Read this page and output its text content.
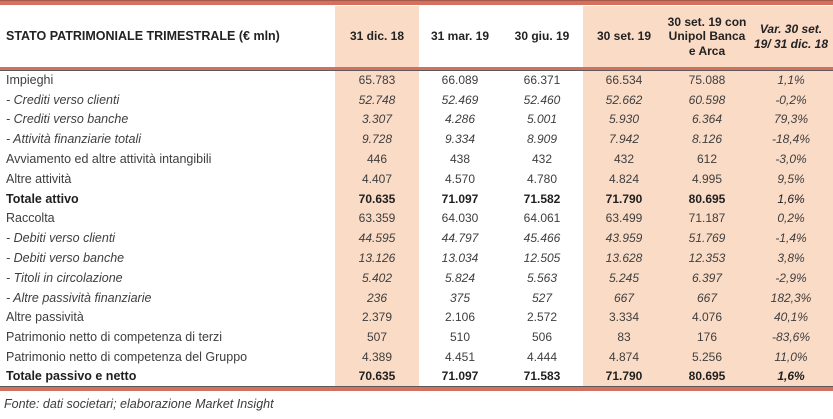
STATO PATRIMONIALE TRIMESTRALE (€ mln)	31 dic. 18	31 mar. 19	30 giu. 19	30 set. 19	30 set. 19 con Unipol Banca e Arca	Var. 30 set. 19/ 31 dic. 18
Impieghi	65.783	66.089	66.371	66.534	75.088	1,1%
- Crediti verso clienti	52.748	52.469	52.460	52.662	60.598	-0,2%
- Crediti verso banche	3.307	4.286	5.001	5.930	6.364	79,3%
- Attività finanziarie totali	9.728	9.334	8.909	7.942	8.126	-18,4%
Avviamento ed altre attività intangibili	446	438	432	432	612	-3,0%
Altre attività	4.407	4.570	4.780	4.824	4.995	9,5%
Totale attivo	70.635	71.097	71.582	71.790	80.695	1,6%
Raccolta	63.359	64.030	64.061	63.499	71.187	0,2%
- Debiti verso clienti	44.595	44.797	45.466	43.959	51.769	-1,4%
- Debiti verso banche	13.126	13.034	12.505	13.628	12.353	3,8%
- Titoli in circolazione	5.402	5.824	5.563	5.245	6.397	-2,9%
- Altre passività finanziarie	236	375	527	667	667	182,3%
Altre passività	2.379	2.106	2.572	3.334	4.076	40,1%
Patrimonio netto di competenza di terzi	507	510	506	83	176	-83,6%
Patrimonio netto di competenza del Gruppo	4.389	4.451	4.444	4.874	5.256	11,0%
Totale passivo e netto	70.635	71.097	71.583	71.790	80.695	1,6%
Fonte: dati societari; elaborazione Market Insight
